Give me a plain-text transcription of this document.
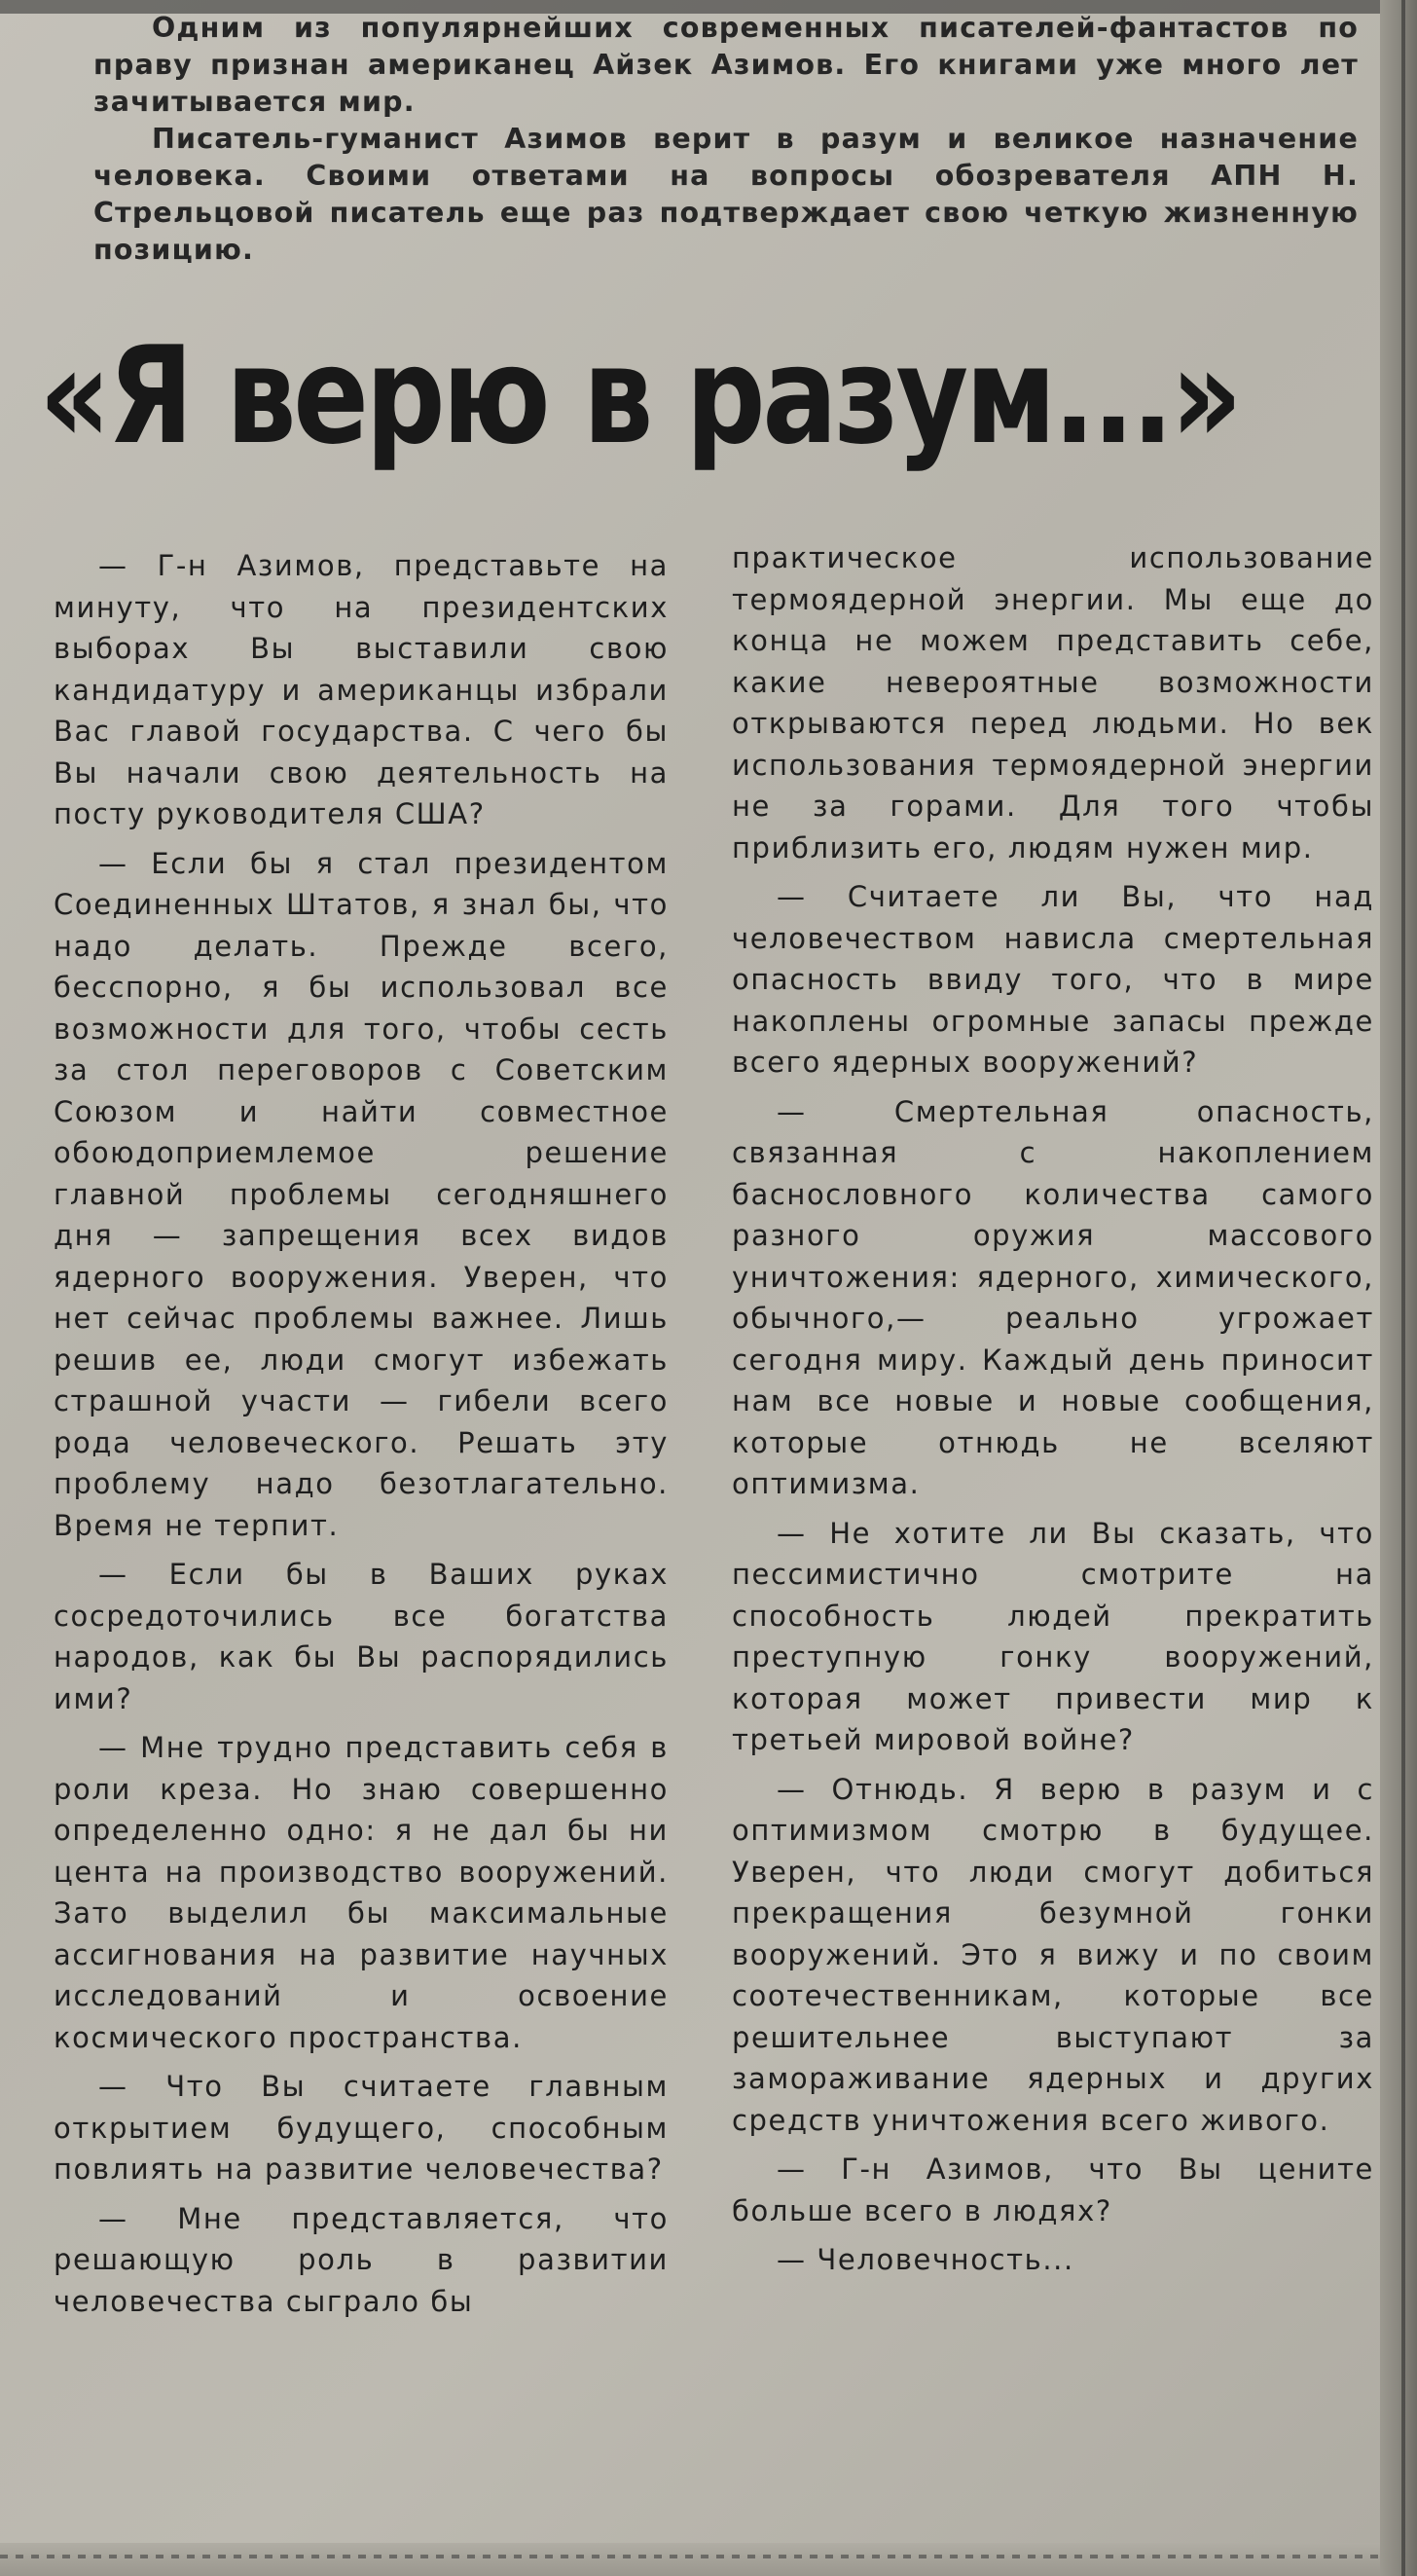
Одним из популярнейших современных писателей-фантастов по праву признан американец Айзек Азимов. Его книгами уже много лет зачитывается мир.

Писатель-гуманист Азимов верит в разум и великое назначение человека. Своими ответами на вопросы обозревателя АПН Н. Стрельцовой писатель еще раз подтверждает свою четкую жизненную позицию.

«Я верю в разум...»

— Г-н Азимов, представьте на минуту, что на президентских выборах Вы выставили свою кандидатуру и американцы избрали Вас главой государства. С чего бы Вы начали свою деятельность на посту руководителя США?

— Если бы я стал президентом Соединенных Штатов, я знал бы, что надо делать. Прежде всего, бесспорно, я бы использовал все возможности для того, чтобы сесть за стол переговоров с Советским Союзом и найти совместное обоюдоприемлемое решение главной проблемы сегодняшнего дня — запрещения всех видов ядерного вооружения. Уверен, что нет сейчас проблемы важнее. Лишь решив ее, люди смогут избежать страшной участи — гибели всего рода человеческого. Решать эту проблему надо безотлагательно. Время не терпит.

— Если бы в Ваших руках сосредоточились все богатства народов, как бы Вы распорядились ими?

— Мне трудно представить себя в роли креза. Но знаю совершенно определенно одно: я не дал бы ни цента на производство вооружений. Зато выделил бы максимальные ассигнования на развитие научных исследований и освоение космического пространства.

— Что Вы считаете главным открытием будущего, способным повлиять на развитие человечества?

— Мне представляется, что решающую роль в развитии человечества сыграло бы

практическое использование термоядерной энергии. Мы еще до конца не можем представить себе, какие невероятные возможности открываются перед людьми. Но век использования термоядерной энергии не за горами. Для того чтобы приблизить его, людям нужен мир.

— Считаете ли Вы, что над человечеством нависла смертельная опасность ввиду того, что в мире накоплены огромные запасы прежде всего ядерных вооружений?

— Смертельная опасность, связанная с накоплением баснословного количества самого разного оружия массового уничтожения: ядерного, химического, обычного,— реально угрожает сегодня миру. Каждый день приносит нам все новые и новые сообщения, которые отнюдь не вселяют оптимизма.

— Не хотите ли Вы сказать, что пессимистично смотрите на способность людей прекратить преступную гонку вооружений, которая может привести мир к третьей мировой войне?

— Отнюдь. Я верю в разум и с оптимизмом смотрю в будущее. Уверен, что люди смогут добиться прекращения безумной гонки вооружений. Это я вижу и по своим соотечественникам, которые все решительнее выступают за замораживание ядерных и других средств уничтожения всего живого.

— Г-н Азимов, что Вы цените больше всего в людях?

— Человечность...
